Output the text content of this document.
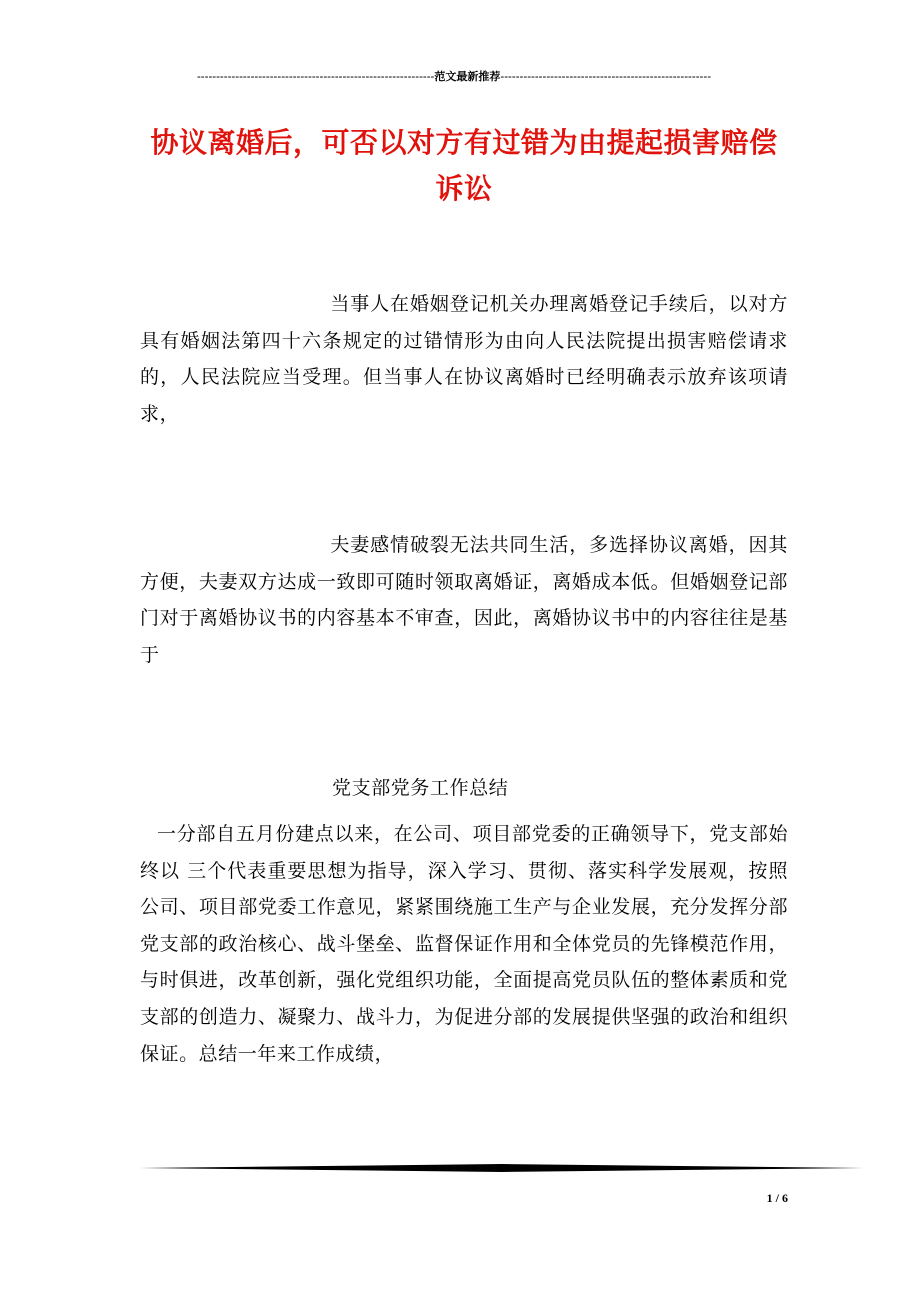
--------------------------------------------------------------范文最新推荐-------------------------------------------------------
协议离婚后，可否以对方有过错为由提起损害赔偿诉讼
当事人在婚姻登记机关办理离婚登记手续后，以对方具有婚姻法第四十六条规定的过错情形为由向人民法院提出损害赔偿请求的，人民法院应当受理。但当事人在协议离婚时已经明确表示放弃该项请求，
夫妻感情破裂无法共同生活，多选择协议离婚，因其方便，夫妻双方达成一致即可随时领取离婚证，离婚成本低。但婚姻登记部门对于离婚协议书的内容基本不审查，因此，离婚协议书中的内容往往是基于
党支部党务工作总结
一分部自五月份建点以来，在公司、项目部党委的正确领导下，党支部始终以 三个代表重要思想为指导，深入学习、贯彻、落实科学发展观，按照公司、项目部党委工作意见，紧紧围绕施工生产与企业发展，充分发挥分部党支部的政治核心、战斗堡垒、监督保证作用和全体党员的先锋模范作用，与时俱进，改革创新，强化党组织功能，全面提高党员队伍的整体素质和党支部的创造力、凝聚力、战斗力，为促进分部的发展提供坚强的政治和组织保证。总结一年来工作成绩，
1 / 6
